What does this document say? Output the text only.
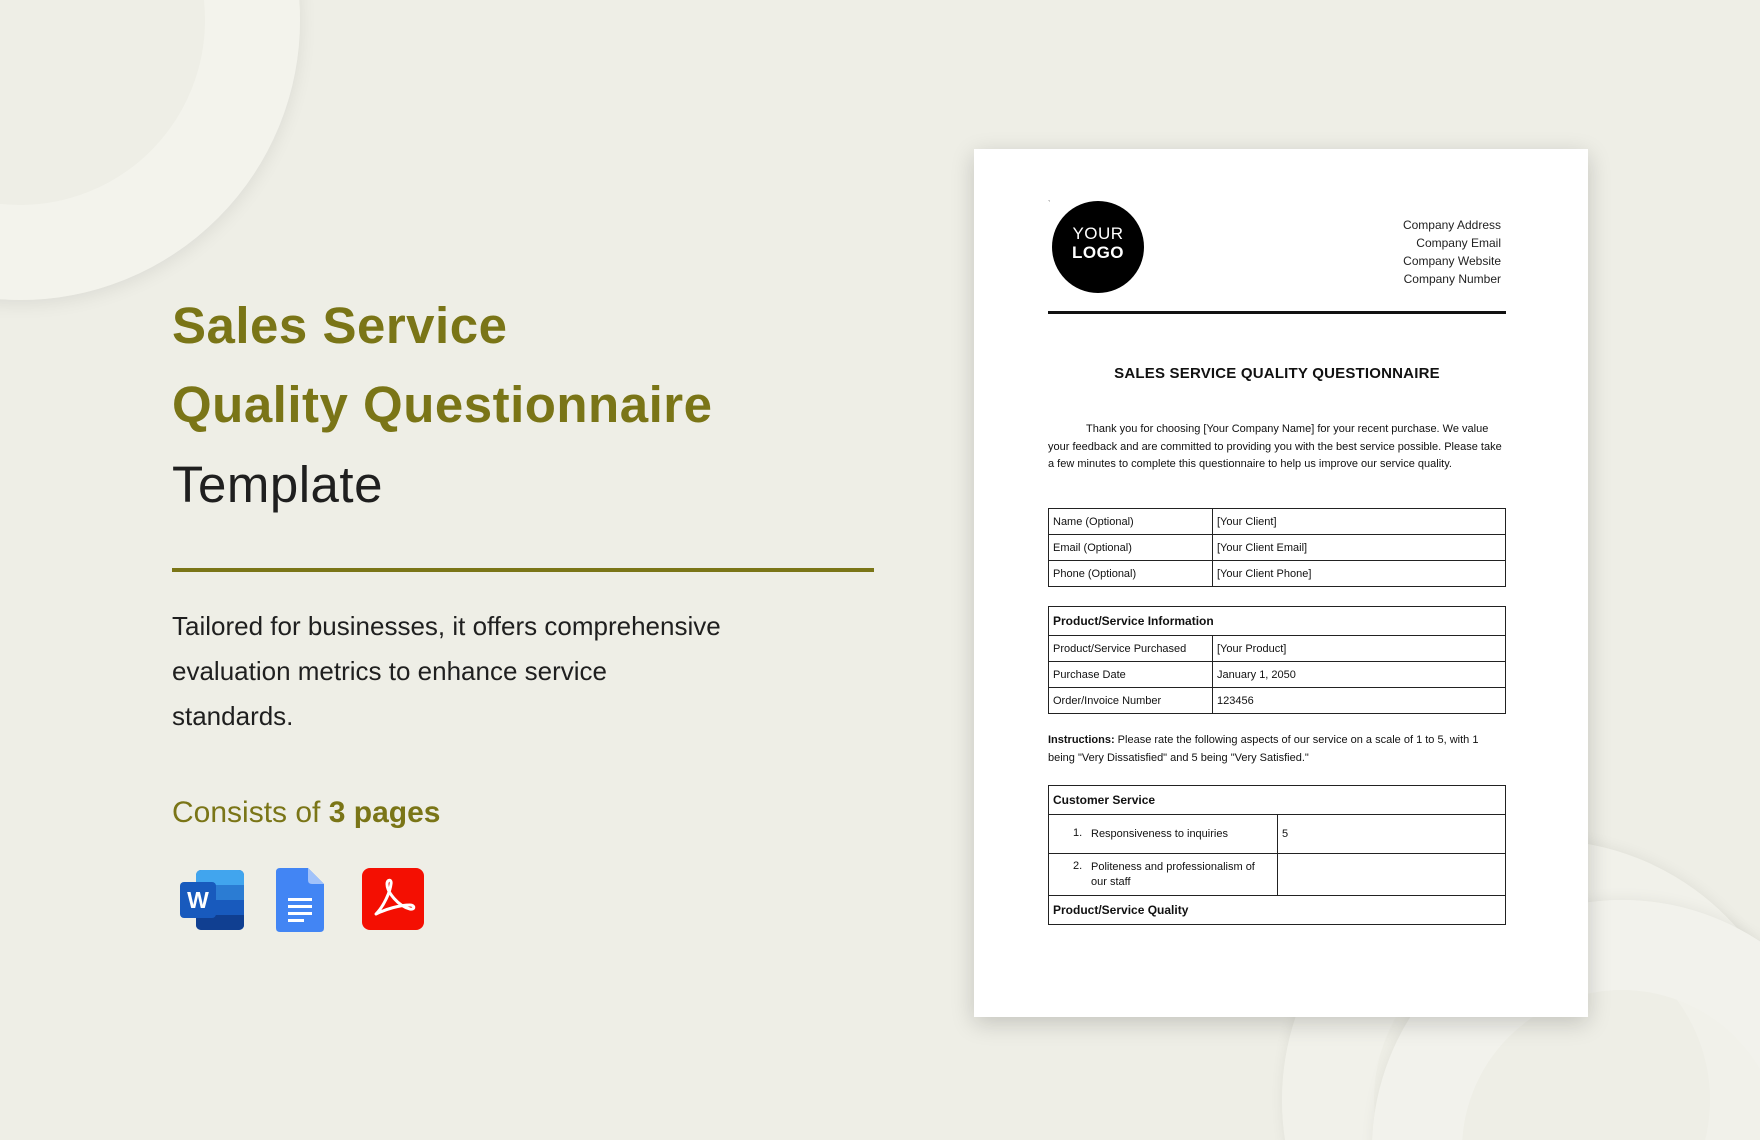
Sales Service
Quality Questionnaire
Template
Tailored for businesses, it offers comprehensive evaluation metrics to enhance service standards.
Consists of 3 pages
W
ˎ
YOUR
LOGO
Company Address
Company Email
Company Website
Company Number
SALES SERVICE QUALITY QUESTIONNAIRE
Thank you for choosing [Your Company Name] for your recent purchase. We value your feedback and are committed to providing you with the best service possible. Please take a few minutes to complete this questionnaire to help us improve our service quality.
Name (Optional)	[Your Client]
Email (Optional)	[Your Client Email]
Phone (Optional)	[Your Client Phone]
Product/Service Information	
Product/Service Purchased	[Your Product]
Purchase Date	January 1, 2050
Order/Invoice Number	123456
Instructions: Please rate the following aspects of our service on a scale of 1 to 5, with 1 being "Very Dissatisfied" and 5 being "Very Satisfied."
Customer Service	
1. Responsiveness to inquiries	5
2. Politeness and professionalism of our staff	
Product/Service Quality	
